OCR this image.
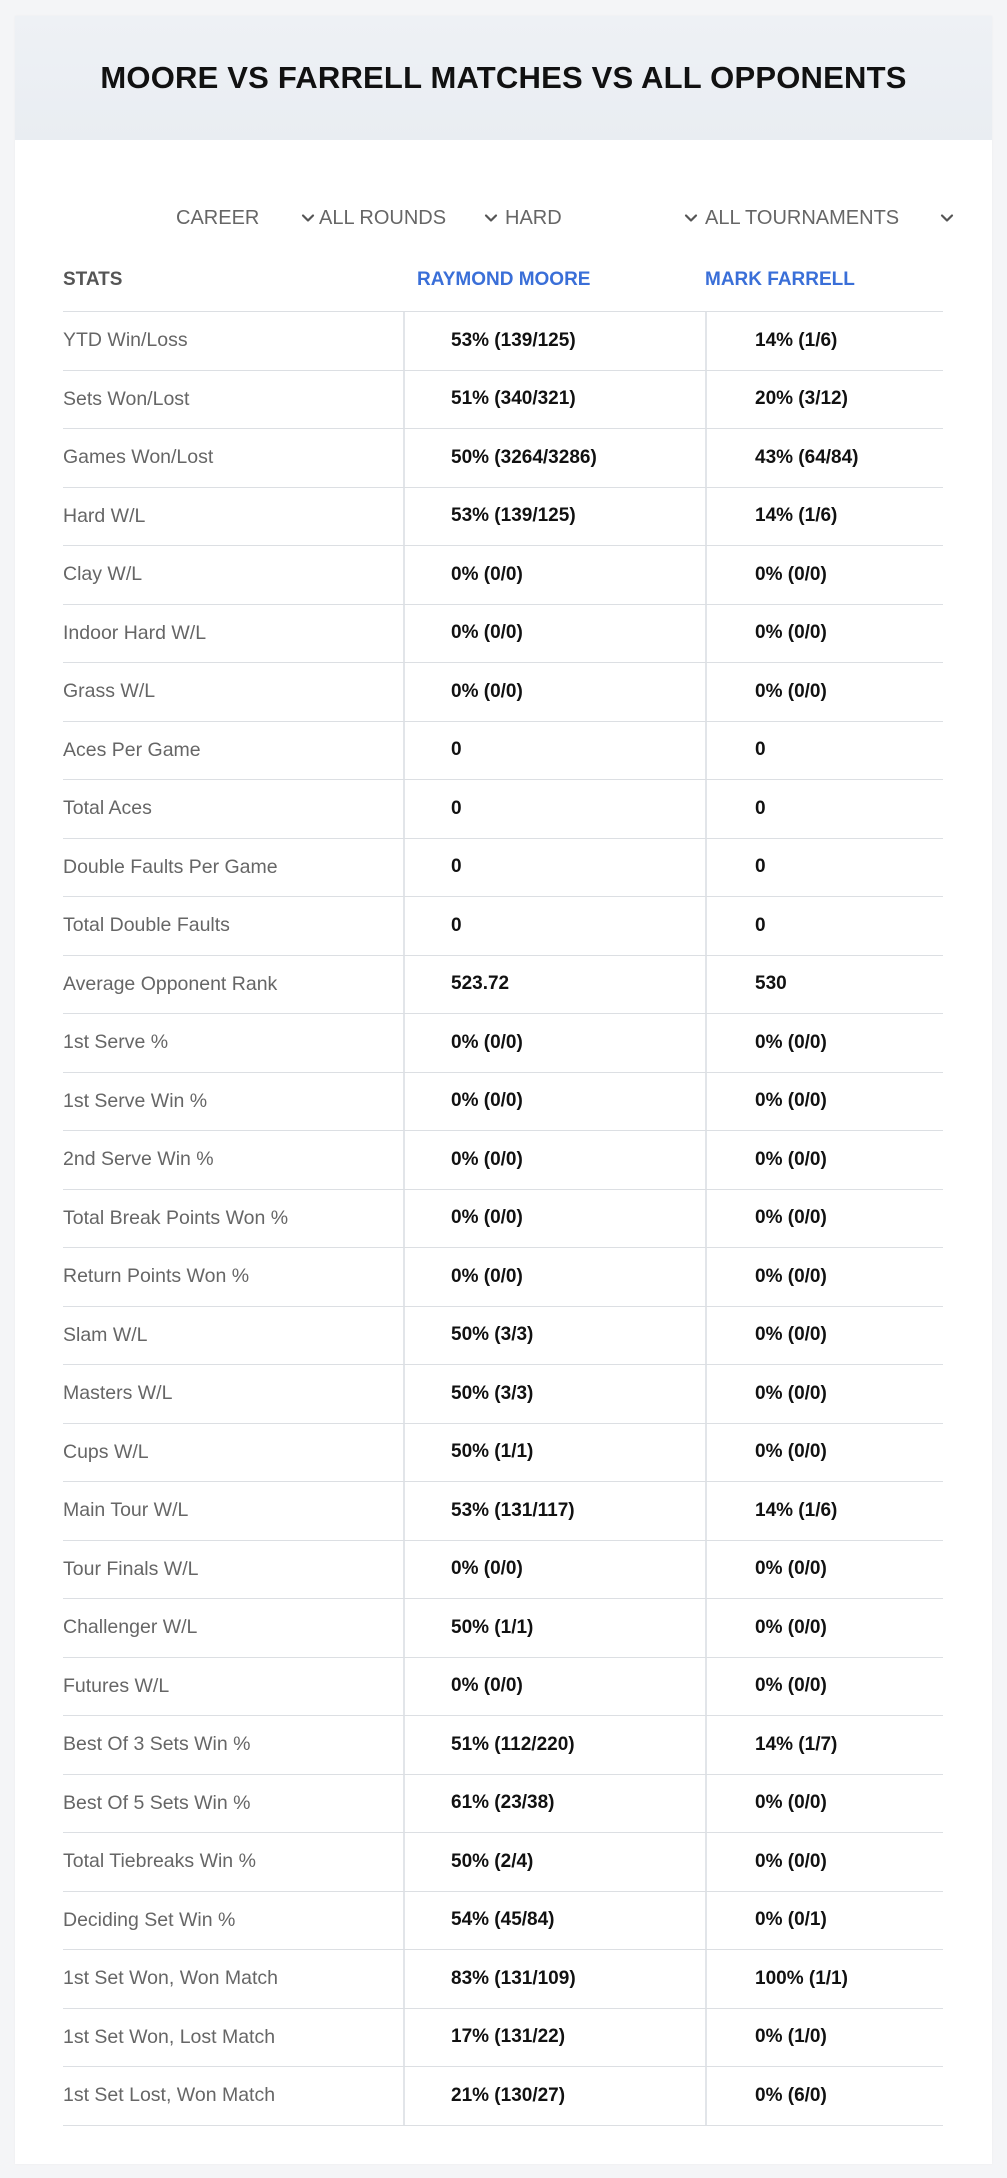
MOORE VS FARRELL MATCHES VS ALL OPPONENTS
CAREER	ALL ROUNDS	HARD	ALL TOURNAMENTS
STATS	RAYMOND MOORE	MARK FARRELL
YTD Win/Loss	53% (139/125)	14% (1/6)
Sets Won/Lost	51% (340/321)	20% (3/12)
Games Won/Lost	50% (3264/3286)	43% (64/84)
Hard W/L	53% (139/125)	14% (1/6)
Clay W/L	0% (0/0)	0% (0/0)
Indoor Hard W/L	0% (0/0)	0% (0/0)
Grass W/L	0% (0/0)	0% (0/0)
Aces Per Game	0	0
Total Aces	0	0
Double Faults Per Game	0	0
Total Double Faults	0	0
Average Opponent Rank	523.72	530
1st Serve %	0% (0/0)	0% (0/0)
1st Serve Win %	0% (0/0)	0% (0/0)
2nd Serve Win %	0% (0/0)	0% (0/0)
Total Break Points Won %	0% (0/0)	0% (0/0)
Return Points Won %	0% (0/0)	0% (0/0)
Slam W/L	50% (3/3)	0% (0/0)
Masters W/L	50% (3/3)	0% (0/0)
Cups W/L	50% (1/1)	0% (0/0)
Main Tour W/L	53% (131/117)	14% (1/6)
Tour Finals W/L	0% (0/0)	0% (0/0)
Challenger W/L	50% (1/1)	0% (0/0)
Futures W/L	0% (0/0)	0% (0/0)
Best Of 3 Sets Win %	51% (112/220)	14% (1/7)
Best Of 5 Sets Win %	61% (23/38)	0% (0/0)
Total Tiebreaks Win %	50% (2/4)	0% (0/0)
Deciding Set Win %	54% (45/84)	0% (0/1)
1st Set Won, Won Match	83% (131/109)	100% (1/1)
1st Set Won, Lost Match	17% (131/22)	0% (1/0)
1st Set Lost, Won Match	21% (130/27)	0% (6/0)
